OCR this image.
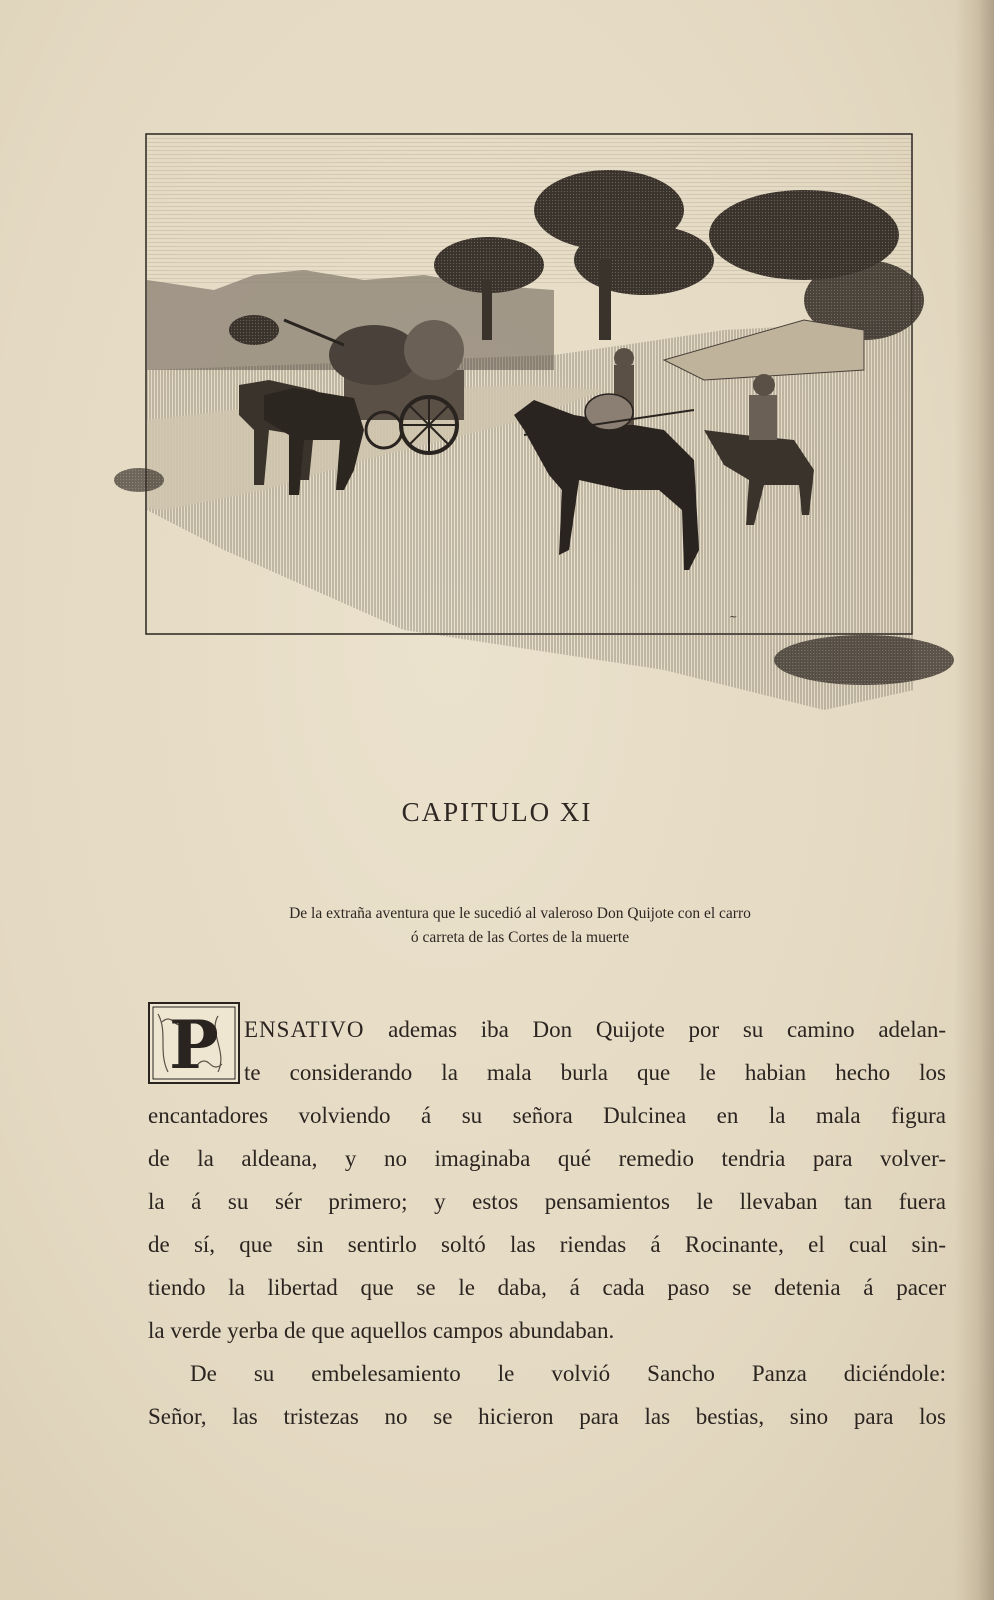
~
CAPITULO XI
De la extraña aventura que le sucedió al valeroso Don Quijote con el carro
ó carreta de las Cortes de la muerte
P	ENSATIVO ademas iba Don Quijote por su camino adelan-
te considerando la mala burla que le habian hecho los
encantadores volviendo á su señora Dulcinea en la mala figura
de la aldeana, y no imaginaba qué remedio tendria para volver-
la á su sér primero; y estos pensamientos le llevaban tan fuera
de sí, que sin sentirlo soltó las riendas á Rocinante, el cual sin-
tiendo la libertad que se le daba, á cada paso se detenia á pacer
la verde yerba de que aquellos campos abundaban.
De su embelesamiento le volvió Sancho Panza diciéndole:
Señor, las tristezas no se hicieron para las bestias, sino para los
